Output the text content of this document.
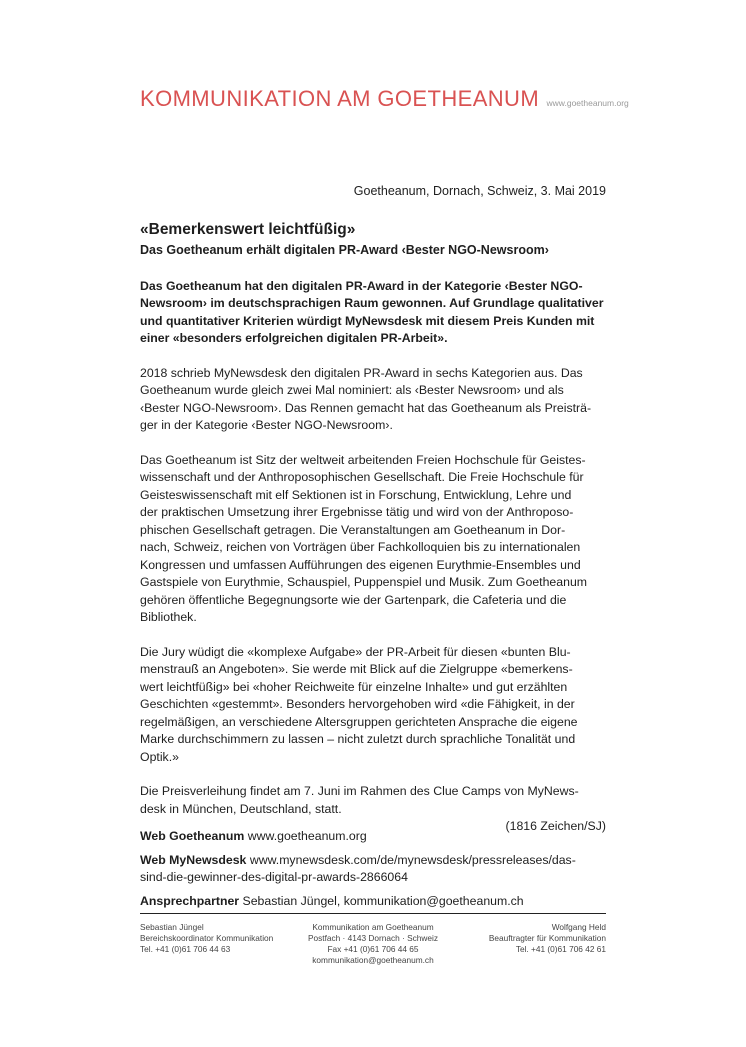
KOMMUNIKATION AM GOETHEANUM www.goetheanum.org
Goetheanum, Dornach, Schweiz, 3. Mai 2019
«Bemerkenswert leichtfüßig»

Das Goetheanum erhält digitalen PR-Award ‹Bester NGO-Newsroom›

Das Goetheanum hat den digitalen PR-Award in der Kategorie ‹Bester NGO-
Newsroom› im deutschsprachigen Raum gewonnen. Auf Grundlage qualitativer
und quantitativer Kriterien würdigt MyNewsdesk mit diesem Preis Kunden mit
einer «besonders erfolgreichen digitalen PR-Arbeit».

2018 schrieb MyNewsdesk den digitalen PR-Award in sechs Kategorien aus. Das
Goetheanum wurde gleich zwei Mal nominiert: als ‹Bester Newsroom› und als
‹Bester NGO-Newsroom›. Das Rennen gemacht hat das Goetheanum als Preisträ-
ger in der Kategorie ‹Bester NGO-Newsroom›.

Das Goetheanum ist Sitz der weltweit arbeitenden Freien Hochschule für Geistes-
wissenschaft und der Anthroposophischen Gesellschaft. Die Freie Hochschule für
Geisteswissenschaft mit elf Sektionen ist in Forschung, Entwicklung, Lehre und
der praktischen Umsetzung ihrer Ergebnisse tätig und wird von der Anthroposo-
phischen Gesellschaft getragen. Die Veranstaltungen am Goetheanum in Dor-
nach, Schweiz, reichen von Vorträgen über Fachkolloquien bis zu internationalen
Kongressen und umfassen Aufführungen des eigenen Eurythmie-Ensembles und
Gastspiele von Eurythmie, Schauspiel, Puppenspiel und Musik. Zum Goetheanum
gehören öffentliche Begegnungsorte wie der Gartenpark, die Cafeteria und die
Bibliothek.

Die Jury wüdigt die «komplexe Aufgabe» der PR-Arbeit für diesen «bunten Blu-
menstrauß an Angeboten». Sie werde mit Blick auf die Zielgruppe «bemerkens-
wert leichtfüßig» bei «hoher Reichweite für einzelne Inhalte» und gut erzählten
Geschichten «gestemmt». Besonders hervorgehoben wird «die Fähigkeit, in der
regelmäßigen, an verschiedene Altersgruppen gerichteten Ansprache die eigene
Marke durchschimmern zu lassen – nicht zuletzt durch sprachliche Tonalität und
Optik.»

Die Preisverleihung findet am 7. Juni im Rahmen des Clue Camps von MyNews-
desk in München, Deutschland, statt.

(1816 Zeichen/SJ)

Web Goetheanum www.goetheanum.org

Web MyNewsdesk www.mynewsdesk.com/de/mynewsdesk/pressreleases/das-
sind-die-gewinner-des-digital-pr-awards-2866064

Ansprechpartner Sebastian Jüngel, kommunikation@goetheanum.ch

Sebastian Jüngel
Bereichskoordinator Kommunikation
Tel. +41 (0)61 706 44 63
Kommunikation am Goetheanum
Postfach · 4143 Dornach · Schweiz
Fax +41 (0)61 706 44 65
kommunikation@goetheanum.ch
Wolfgang Held
Beauftragter für Kommunikation
Tel. +41 (0)61 706 42 61
